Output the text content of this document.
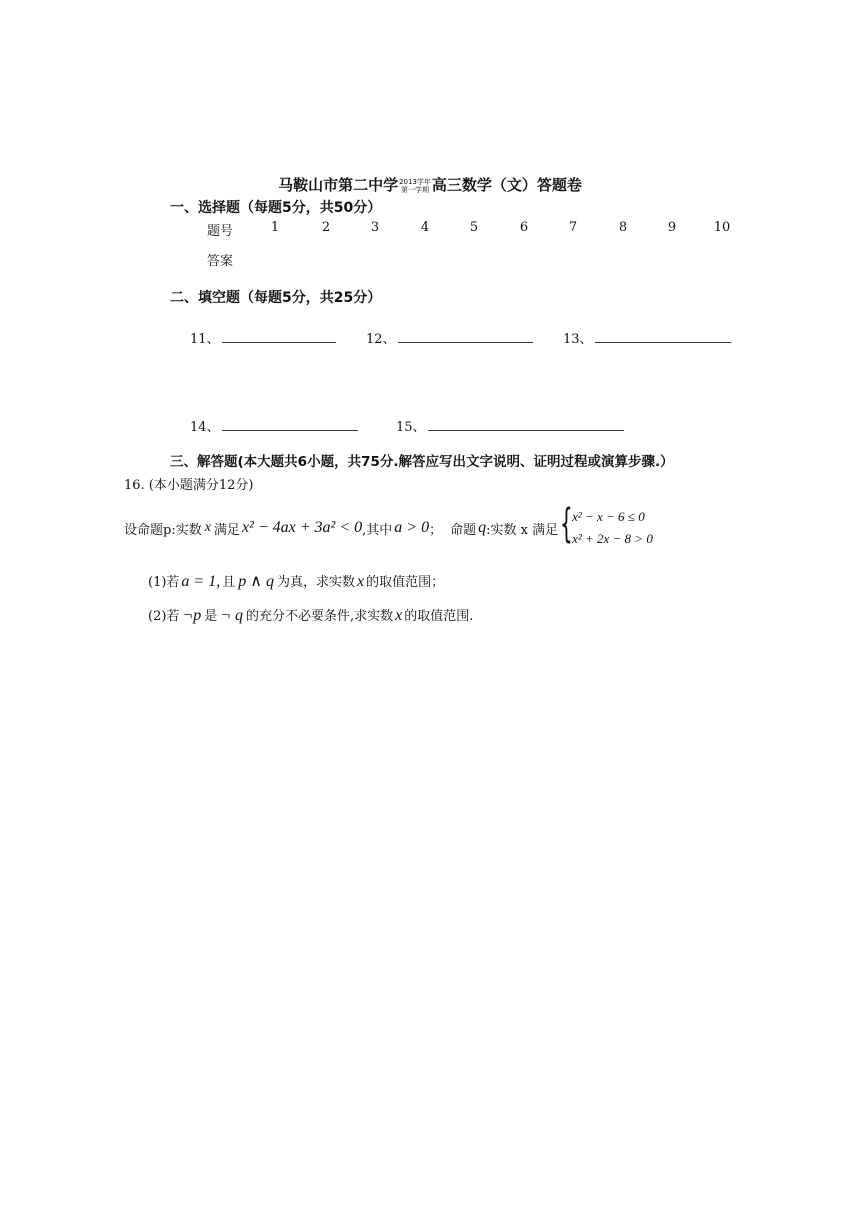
马鞍山市第二中学2013学年
第一学期 高三数学（文）答题卷
一、选择题（每题5分，共50分）
题号	1	2	3	4	5	6	7	8	9	10
答案
二、填空题（每题5分，共25分）
11、	12、	13、
14、	15、
三、解答题(本大题共6小题，共75分.解答应写出文字说明、证明过程或演算步骤.）
16. (本小题满分12分)
设命题p:实数 x 满足 x² − 4ax + 3a² < 0 ,其中 a > 0 ； 命题 q :实数 x 满足 { x² − x − 6 ≤ 0
x² + 2x − 8 > 0
(1)若 a = 1, 且 p ∧ q 为真，求实数 x 的取值范围；
(2)若 ¬p 是 ¬ q 的充分不必要条件,求实数 x 的取值范围.
